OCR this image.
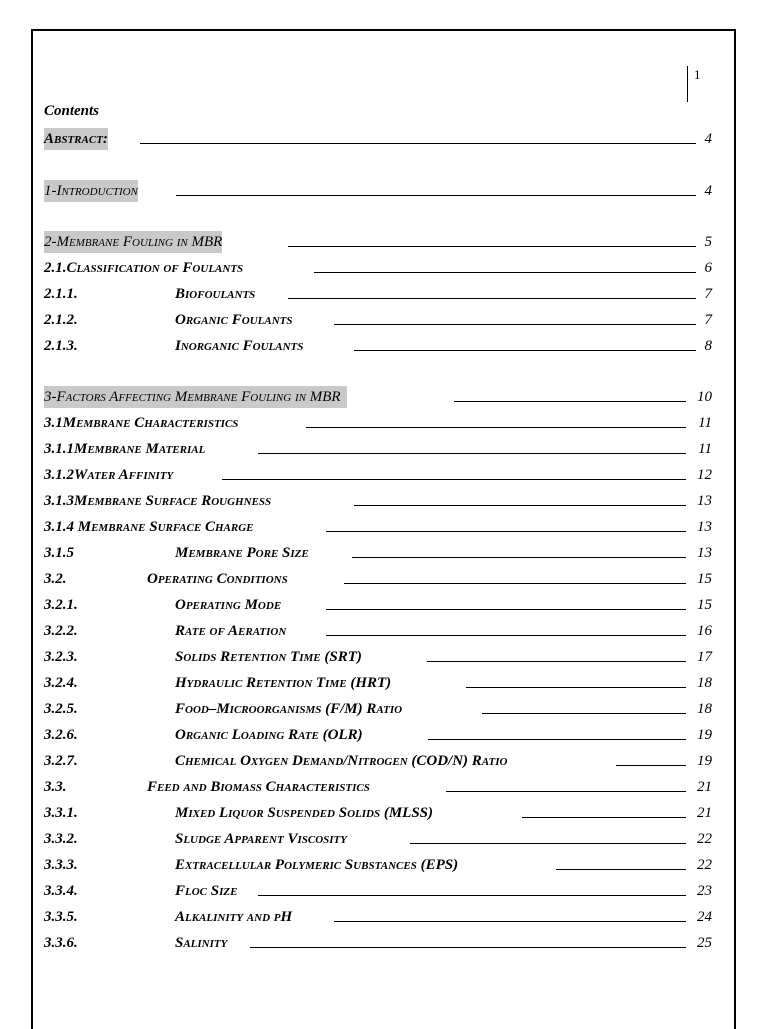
1
Contents
Abstract:	4
1-Introduction	4
2-Membrane Fouling in MBR	5
2.1.Classification of Foulants	6
2.1.1.	Biofoulants	7
2.1.2.	Organic Foulants	7
2.1.3.	Inorganic Foulants	8
3-Factors Affecting Membrane Fouling in MBR	10
3.1Membrane Characteristics	11
3.1.1Membrane Material	11
3.1.2Water Affinity	12
3.1.3Membrane Surface Roughness	13
3.1.4 Membrane Surface Charge	13
3.1.5	Membrane Pore Size	13
3.2.	Operating Conditions	15
3.2.1.	Operating Mode	15
3.2.2.	Rate of Aeration	16
3.2.3.	Solids Retention Time (SRT)	17
3.2.4.	Hydraulic Retention Time (HRT)	18
3.2.5.	Food–Microorganisms (F/M) Ratio	18
3.2.6.	Organic Loading Rate (OLR)	19
3.2.7.	Chemical Oxygen Demand/Nitrogen (COD/N) Ratio	19
3.3.	Feed and Biomass Characteristics	21
3.3.1.	Mixed Liquor Suspended Solids (MLSS)	21
3.3.2.	Sludge Apparent Viscosity	22
3.3.3.	Extracellular Polymeric Substances (EPS)	22
3.3.4.	Floc Size	23
3.3.5.	Alkalinity and pH	24
3.3.6.	Salinity	25
